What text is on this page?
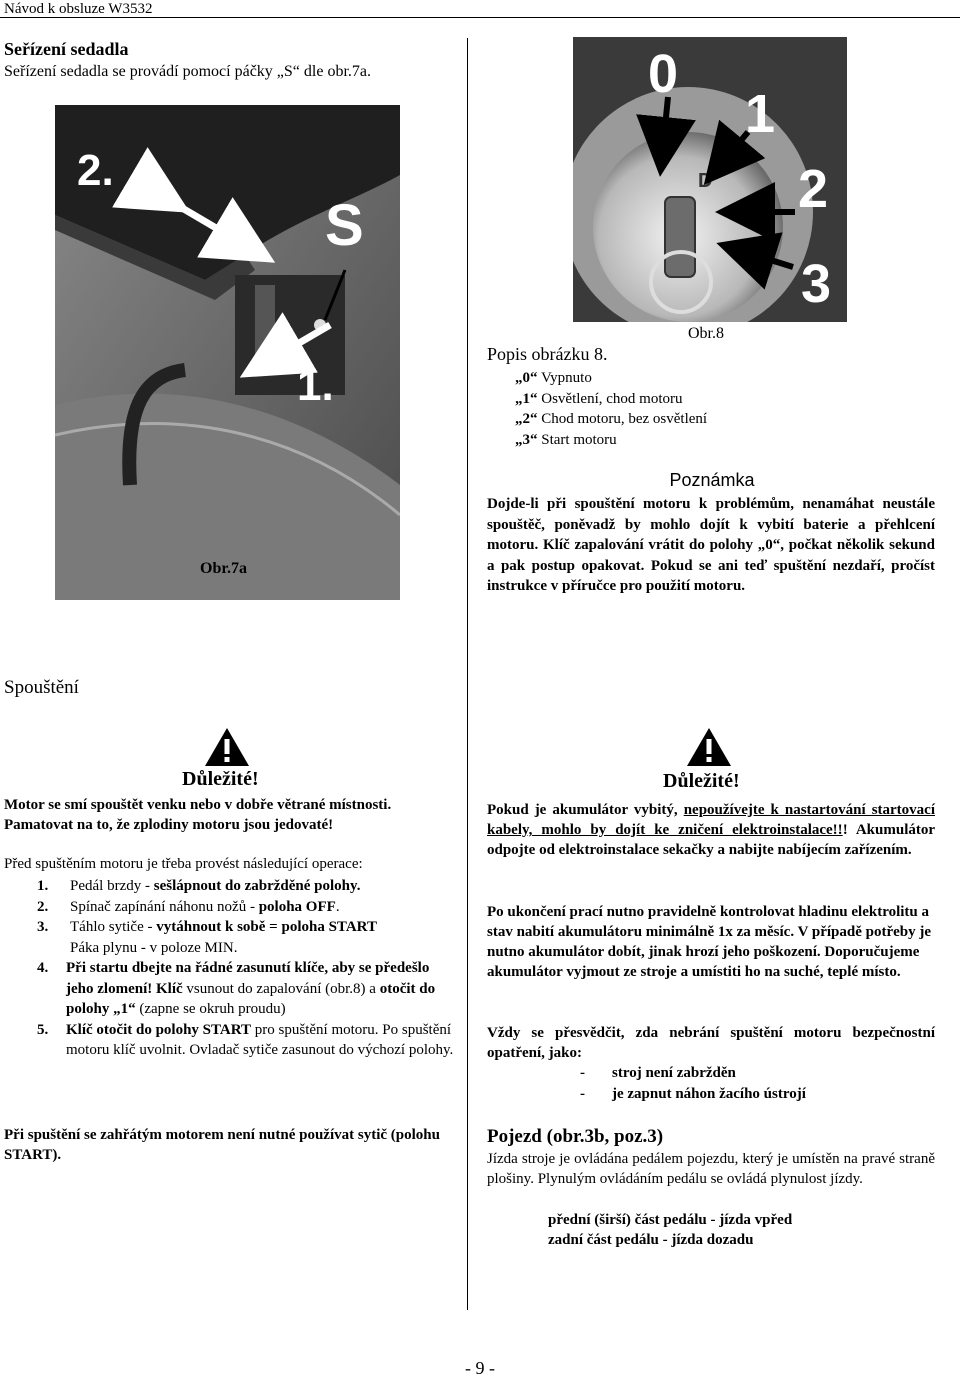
Návod k obsluze W3532
Seřízení sedadla
Seřízení sedadla se provádí pomocí páčky „S“ dle obr.7a.
2.
S
1.
Obr.7a
D
0
1
2
3
Obr.8
Popis obrázku 8.
„0“ Vypnuto
„1“ Osvětlení, chod motoru
„2“ Chod motoru, bez osvětlení
„3“ Start motoru
Poznámka
Dojde-li při spouštění motoru k problémům, nenamáhat neustále spouštěč, poněvadž by mohlo dojít k vybití baterie a přehlcení motoru. Klíč zapalování vrátit do polohy „0“, počkat několik sekund a pak postup opakovat. Pokud se ani teď spuštění nezdaří, pročíst instrukce v příručce pro použití motoru.
Spouštění
Důležité!
Motor se smí spouštět venku nebo v dobře větrané místnosti. Pamatovat na to, že zplodiny motoru jsou jedovaté!
Před spuštěním motoru je třeba provést následující operace:
1. Pedál brzdy - sešlápnout do zabržděné polohy.
2. Spínač zapínání náhonu nožů - poloha OFF.
3. Táhlo sytiče - vytáhnout k sobě = poloha START
Páka plynu - v poloze MIN.
4. Při startu dbejte na řádné zasunutí klíče, aby se předešlo jeho zlomení! Klíč vsunout do zapalování (obr.8) a otočit do polohy „1“ (zapne se okruh proudu)
5. Klíč otočit do polohy START pro spuštění motoru. Po spuštění motoru klíč uvolnit. Ovladač sytiče zasunout do výchozí polohy.
Při spuštění se zahřátým motorem není nutné používat sytič (polohu START).
Důležité!
Pokud je akumulátor vybitý, nepoužívejte k nastartování startovací kabely, mohlo by dojít ke zničení elektroinstalace!!! Akumulátor odpojte od elektroinstalace sekačky a nabijte nabíjecím zařízením.
Po ukončení prací nutno pravidelně kontrolovat hladinu elektrolitu a stav nabití akumulátoru minimálně 1x za měsíc. V případě potřeby je nutno akumulátor dobít, jinak hrozí jeho poškození. Doporučujeme akumulátor vyjmout ze stroje a umístiti ho na suché, teplé místo.
Vždy se přesvědčit, zda nebrání spuštění motoru bezpečnostní opatření, jako:
- stroj není zabržděn
- je zapnut náhon žacího ústrojí
Pojezd (obr.3b, poz.3)
Jízda stroje je ovládána pedálem pojezdu, který je umístěn na pravé straně plošiny. Plynulým ovládáním pedálu se ovládá plynulost jízdy.
přední (širší) část pedálu - jízda vpřed
zadní část pedálu - jízda dozadu
- 9 -
